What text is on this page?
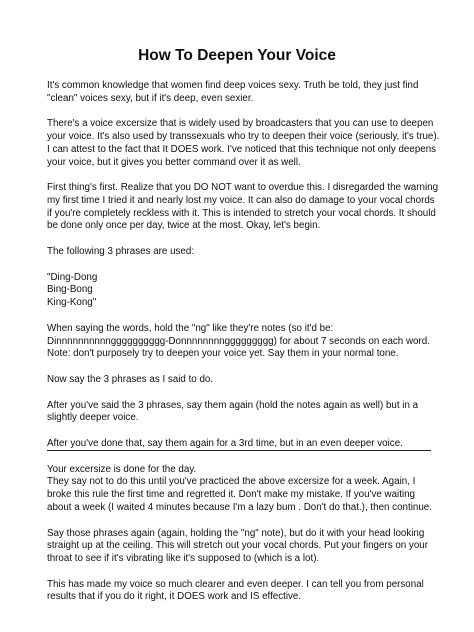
How To Deepen Your Voice

It's common knowledge that women find deep voices sexy. Truth be told, they just find
"clean" voices sexy, but if it's deep, even sexier.

There's a voice excersize that is widely used by broadcasters that you can use to deepen
your voice. It's also used by transsexuals who try to deepen their voice (seriously, it's true).
I can attest to the fact that It DOES work. I've noticed that this technique not only deepens
your voice, but it gives you better command over it as well.

First thing's first. Realize that you DO NOT want to overdue this. I disregarded the warning
my first time I tried it and nearly lost my voice. It can also do damage to your vocal chords
if you're completely reckless with it. This is intended to stretch your vocal chords. It should
be done only once per day, twice at the most. Okay, let's begin.

The following 3 phrases are used:

"Ding-Dong
Bing-Bong
King-Kong"

When saying the words, hold the "ng" like they're notes (so it'd be:
Dinnnnnnnnnngggggggggg-Donnnnnnnnggggggggg) for about 7 seconds on each word.
Note: don't purposely try to deepen your voice yet. Say them in your normal tone.

Now say the 3 phrases as I said to do.

After you've said the 3 phrases, say them again (hold the notes again as well) but in a
slightly deeper voice.

After you've done that, say them again for a 3rd time, but in an even deeper voice.

Your excersize is done for the day.
They say not to do this until you've practiced the above excersize for a week. Again, I
broke this rule the first time and regretted it. Don't make my mistake. If you've waiting
about a week (I waited 4 minutes because I'm a lazy bum . Don't do that.), then continue.

Say those phrases again (again, holding the "ng" note), but do it with your head looking
straight up at the ceiling. This will stretch out your vocal chords. Put your fingers on your
throat to see if it's vibrating like it's supposed to (which is a lot).

This has made my voice so much clearer and even deeper. I can tell you from personal
results that if you do it right, it DOES work and IS effective.
